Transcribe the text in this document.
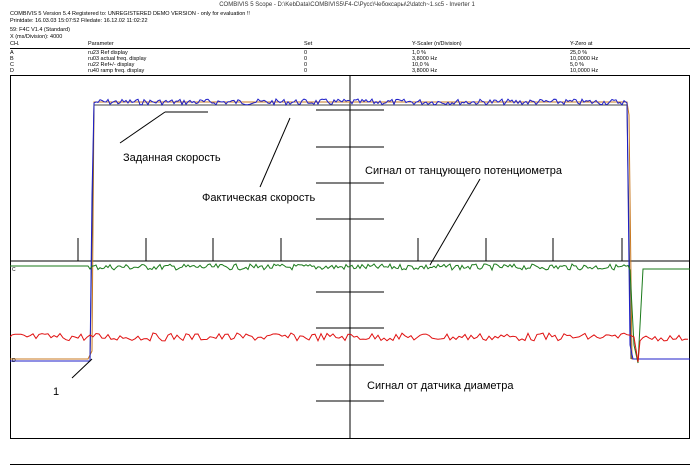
COMBIVIS 5 Scope - D:\KebData\COMBIVIS5\F4-C\Русс\Чебоксары\2\datch~1.sc5 - Inverter 1
COMBIVIS 5 Version 5.4 Registered to: UNREGISTERED DEMO VERSION - only for evaluation !!
Printdate: 16.03.03 15:07:52 Filedate: 16.12.02 11:02:22
59: F4C V1.4 (Standard)
X (ms/Division): 4000
CH.	Parameter	Set	Y-Scaler (n/Division)	Y-Zero at
A	ru23 Ref display	0	1,0 %	25,0 %
B	ru03 actual freq. display	0	3,8000 Hz	10,0000 Hz
C	ru22 Ref+/- display	0	10,0 %	5,0 %
D	ru40 ramp freq. display	0	3,8000 Hz	10,0000 Hz
C
D
Заданная скорость
Фактическая скорость
Сигнал от танцующего потенциометра
Сигнал от датчика диаметра
1
